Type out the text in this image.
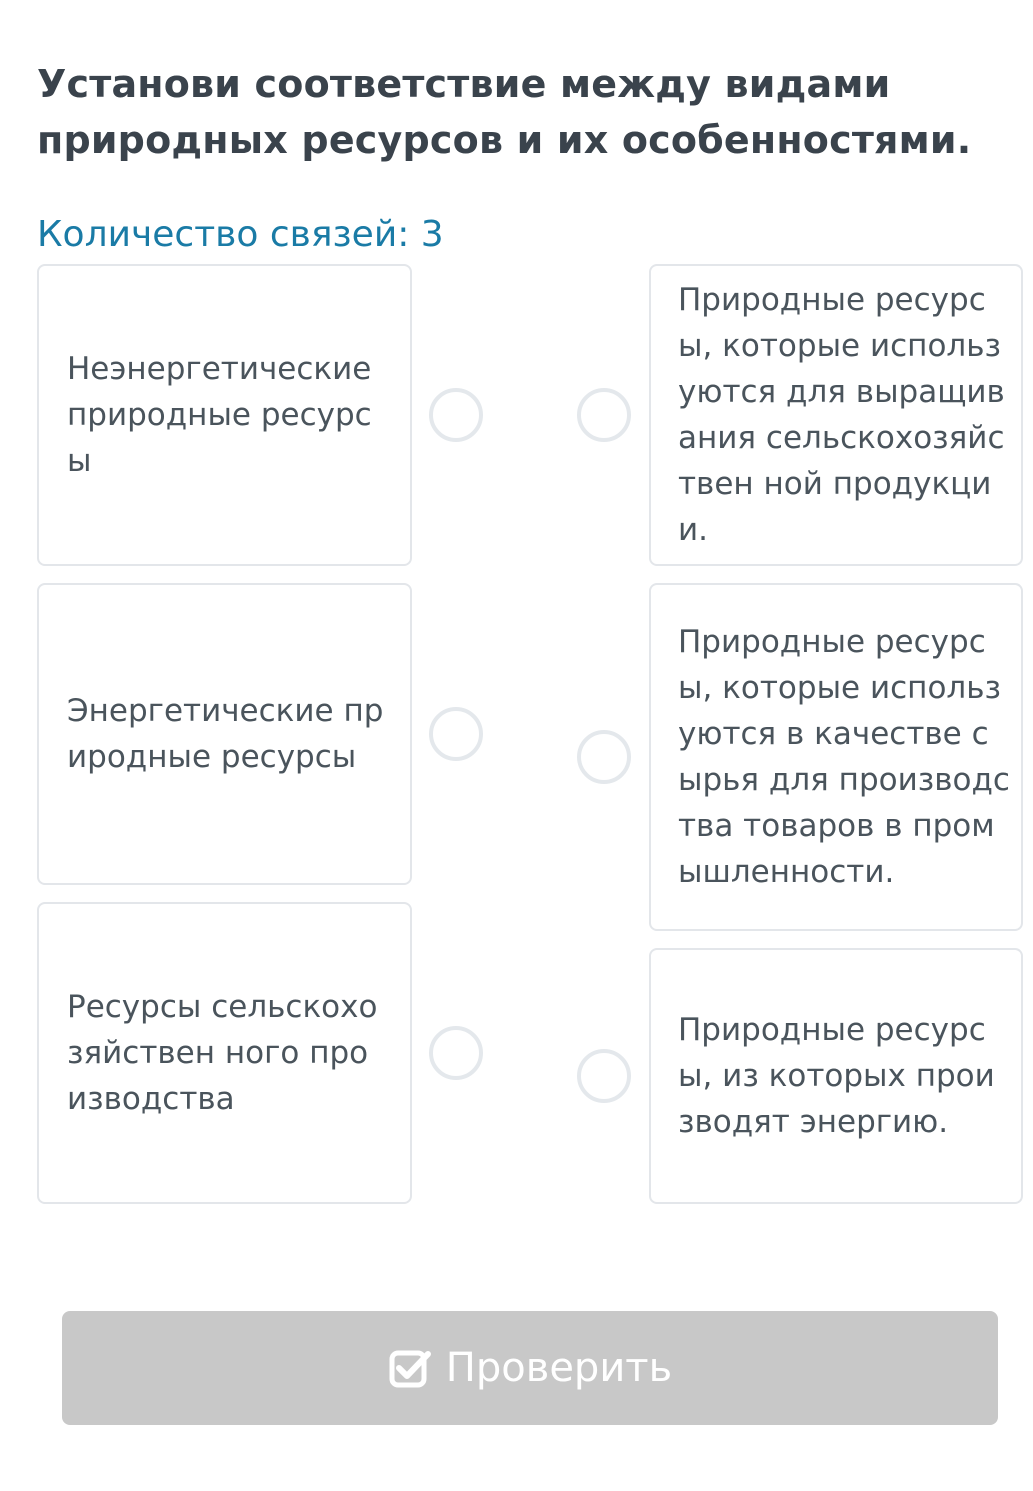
Установи соответствие между видами природных ресурсов и их особенностями.
Количество связей: 3
Неэнергетические природные ресурсы
Энергетические природные ресурсы
Ресурсы сельскохозяйствен ного производства
Природные ресурсы, которые используются для выращивания сельскохозяйствен ной продукции.
Природные ресурсы, которые используются в качестве сырья для производства товаров в промышленности.
Природные ресурсы, из которых производят энергию.
Проверить
